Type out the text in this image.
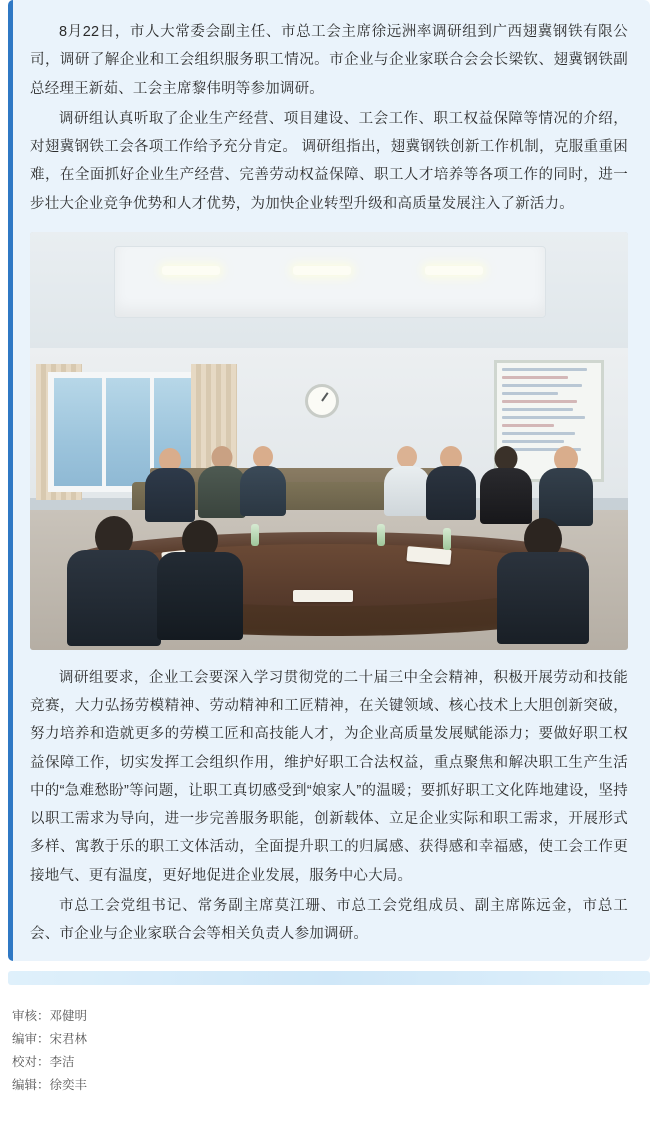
8月22日，市人大常委会副主任、市总工会主席徐远洲率调研组到广西翅冀钢铁有限公司，调研了解企业和工会组织服务职工情况。市企业与企业家联合会会长梁钦、翅冀钢铁副总经理王新茹、工会主席黎伟明等参加调研。

调研组认真听取了企业生产经营、项目建设、工会工作、职工权益保障等情况的介绍，对翅冀钢铁工会各项工作给予充分肯定。 调研组指出，翅冀钢铁创新工作机制，克服重重困难，在全面抓好企业生产经营、完善劳动权益保障、职工人才培养等各项工作的同时，进一步壮大企业竞争优势和人才优势，为加快企业转型升级和高质量发展注入了新活力。

调研组要求，企业工会要深入学习贯彻党的二十届三中全会精神，积极开展劳动和技能竞赛，大力弘扬劳模精神、劳动精神和工匠精神，在关键领域、核心技术上大胆创新突破，努力培养和造就更多的劳模工匠和高技能人才，为企业高质量发展赋能添力；要做好职工权益保障工作，切实发挥工会组织作用，维护好职工合法权益，重点聚焦和解决职工生产生活中的“急难愁盼”等问题，让职工真切感受到“娘家人”的温暖；要抓好职工文化阵地建设，坚持以职工需求为导向，进一步完善服务职能，创新载体、立足企业实际和职工需求，开展形式多样、寓教于乐的职工文体活动，全面提升职工的归属感、获得感和幸福感，使工会工作更接地气、更有温度，更好地促进企业发展，服务中心大局。

市总工会党组书记、常务副主席莫江珊、市总工会党组成员、副主席陈远金，市总工会、市企业与企业家联合会等相关负责人参加调研。

审核：邓健明
编审：宋君林
校对：李洁
编辑：徐奕丰
